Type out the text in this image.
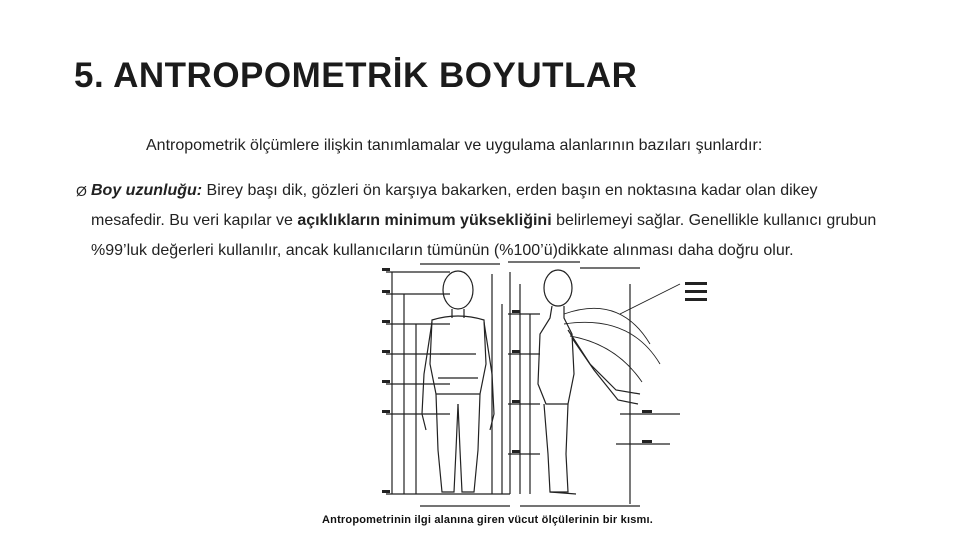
5. ANTROPOMETRİK BOYUTLAR
Antropometrik ölçümlere ilişkin tanımlamalar ve uygulama alanlarının bazıları şunlardır:
Ø Boy uzunluğu: Birey başı dik, gözleri ön karşıya bakarken, erden başın en noktasına kadar olan dikey mesafedir. Bu veri kapılar ve açıklıkların minimum yüksekliğini belirlemeyi sağlar. Genellikle kullanıcı grubun %99’luk değerleri kullanılır, ancak kullanıcıların tümünün (%100’ü)dikkate alınması daha doğru olur.
Antropometrinin ilgi alanına giren vücut ölçülerinin bir kısmı.
